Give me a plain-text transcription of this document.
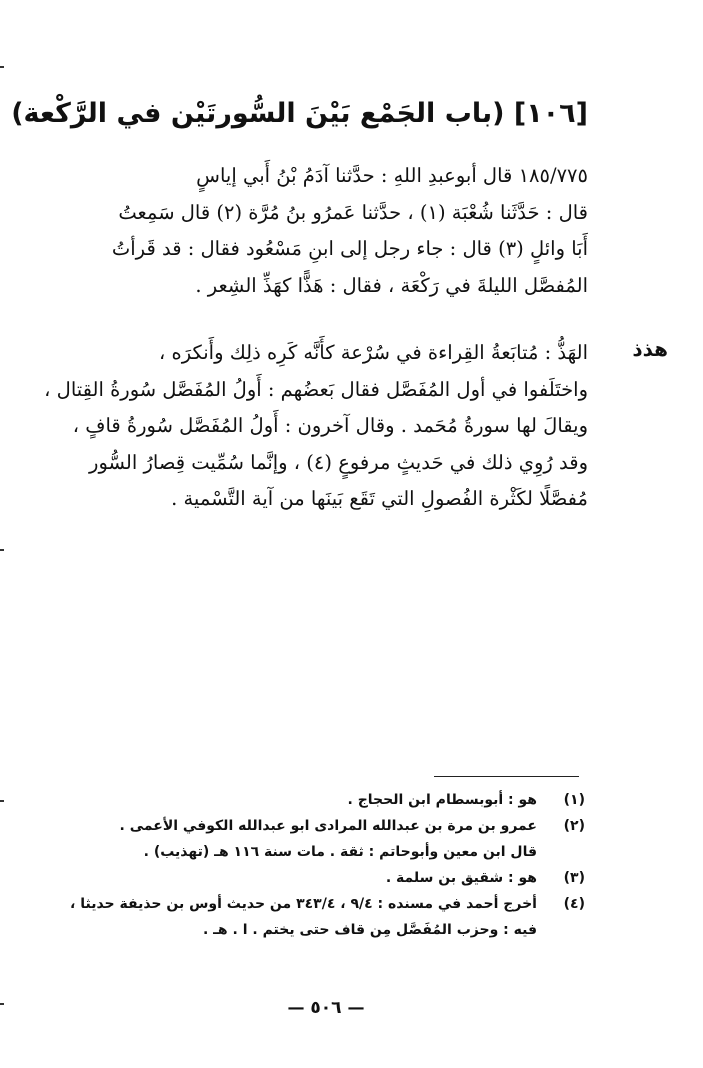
[١٠٦] (باب الجَمْع بَيْنَ السُّورتَيْن في الرَّكْعة)
١٨٥/٧٧٥ قال أبوعبدِ اللهِ : حدَّثنا آدَمُ بْنُ أَبي إياسٍ
قال : حَدَّثَنا شُعْبَة (١) ، حدَّثنا عَمرُو بنُ مُرَّة (٢) قال سَمِعتُ
أَبَا وائلٍ (٣) قال : جاء رجل إلى ابنِ مَسْعُود فقال : قد قَرأتُ
المُفصَّل الليلةَ في رَكْعَة ، فقال : هَذًّا كهَذِّ الشِعر .
هذذ
الهَذُّ : مُتابَعةُ القِراءة في سُرْعة كأَنَّه كَرِه ذلِك وأَنكرَه ،
واختَلَفوا في أول المُفَصَّل فقال بَعضُهم : أَولُ المُفَصَّل سُورةُ القِتال ،
ويقالَ لها سورةُ مُحَمد . وقال آخرون : أَولُ المُفَصَّل سُورةُ قافٍ ،
وقد رُوِي ذلك في حَديثٍ مرفوعٍ (٤) ، وإنَّما سُمِّيت قِصارُ السُّور
مُفصَّلًا لكَثْرة الفُصولِ التي تَقَع بَينَها من آية التَّسْمية .
(١)
هو : أبوبسطام ابن الحجاج .
(٢)
عمرو بن مرة بن عبدالله المرادى ابو عبدالله الكوفي الأعمى .
قال ابن معين وأبوحاتم : ثقة . مات سنة ١١٦ هـ (تهذيب) .
(٣)
هو : شقيق بن سلمة .
(٤)
أخرج أحمد في مسنده : ٩/٤ ، ٣٤٣/٤ من حديث أوس بن حذيفة حديثا ،
فيه : وحزب المُفَصَّل مِن قاف حتى يختم . ا . هـ .
— ٥٠٦ —
